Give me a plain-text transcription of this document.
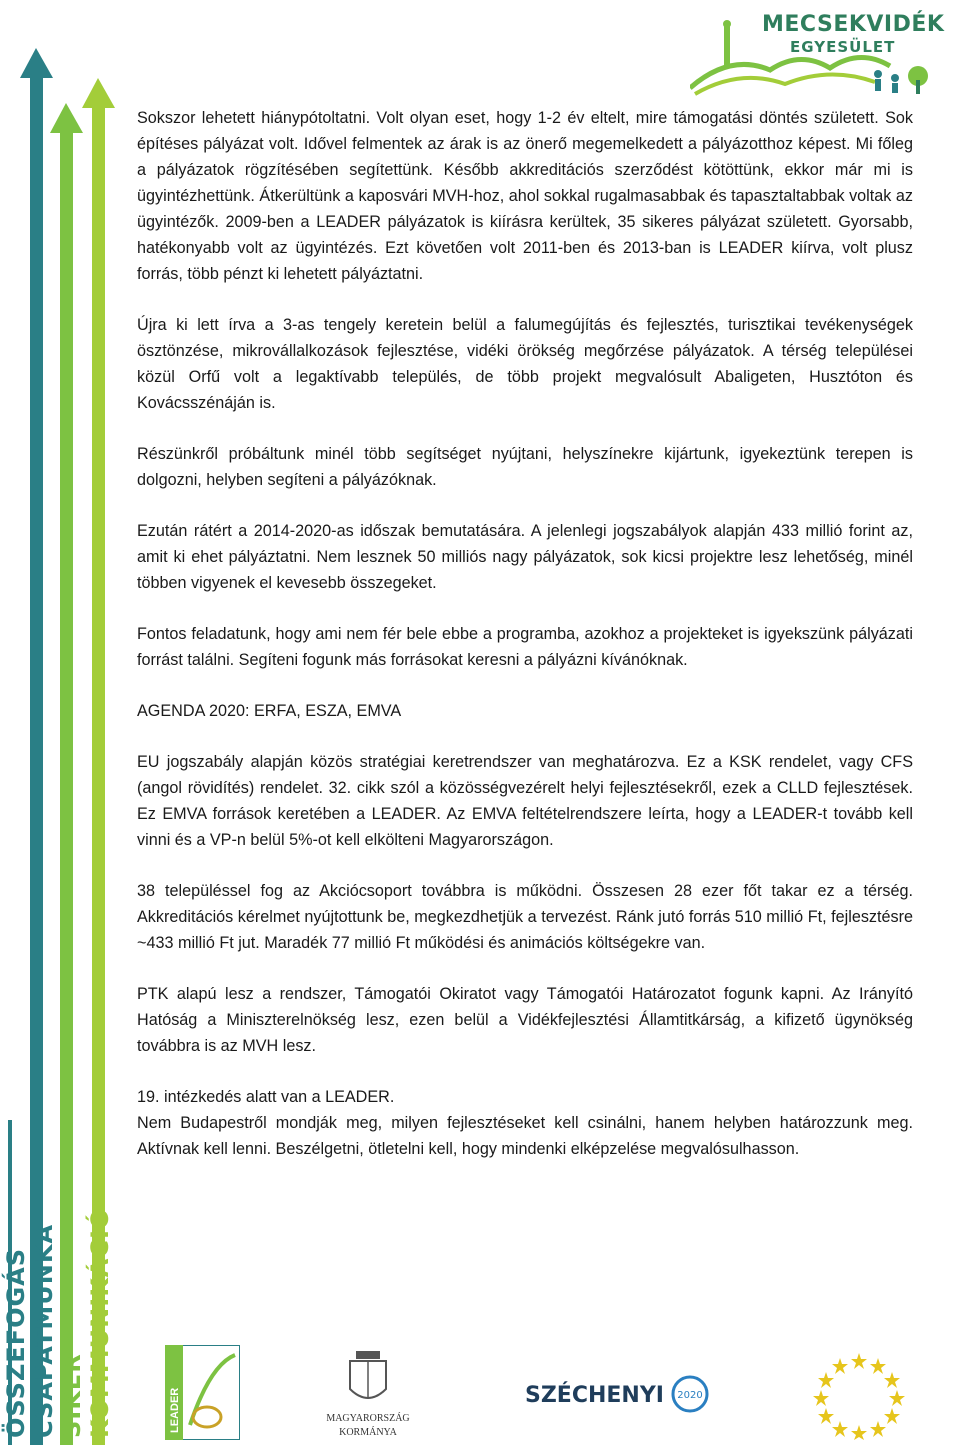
ÖSSZEFOGÁS CSAPATMUNKA SIKER KOMMUNIKÁCIÓ
MECSEKVIDÉK
EGYESÜLET

Sokszor lehetett hiánypótoltatni. Volt olyan eset, hogy 1-2 év eltelt, mire támogatási döntés született. Sok építéses pályázat volt. Idővel felmentek az árak is az önerő megemelkedett a pályázotthoz képest. Mi főleg a pályázatok rögzítésében segítettünk. Később akkreditációs szerződést kötöttünk, ekkor már mi is ügyintézhettünk. Átkerültünk a kaposvári MVH-hoz, ahol sokkal rugalmasabbak és tapasztaltabbak voltak az ügyintézők. 2009-ben a LEADER pályázatok is kiírásra kerültek, 35 sikeres pályázat született. Gyorsabb, hatékonyabb volt az ügyintézés. Ezt követően volt 2011-ben és 2013-ban is LEADER kiírva, volt plusz forrás, több pénzt ki lehetett pályáztatni.

Újra ki lett írva a 3-as tengely keretein belül a falumegújítás és fejlesztés, turisztikai tevékenységek ösztönzése, mikrovállalkozások fejlesztése, vidéki örökség megőrzése pályázatok. A térség települései közül Orfű volt a legaktívabb település, de több projekt megvalósult Abaligeten, Husztóton és Kovácsszénáján is.

Részünkről próbáltunk minél több segítséget nyújtani, helyszínekre kijártunk, igyekeztünk terepen is dolgozni, helyben segíteni a pályázóknak.

Ezután rátért a 2014-2020-as időszak bemutatására. A jelenlegi jogszabályok alapján 433 millió forint az, amit ki ehet pályáztatni. Nem lesznek 50 milliós nagy pályázatok, sok kicsi projektre lesz lehetőség, minél többen vigyenek el kevesebb összegeket.

Fontos feladatunk, hogy ami nem fér bele ebbe a programba, azokhoz a projekteket is igyekszünk pályázati forrást találni. Segíteni fogunk más forrásokat keresni a pályázni kívánóknak.

AGENDA 2020: ERFA, ESZA, EMVA

EU jogszabály alapján közös stratégiai keretrendszer van meghatározva. Ez a KSK rendelet, vagy CFS (angol rövidítés) rendelet. 32. cikk szól a közösségvezérelt helyi fejlesztésekről, ezek a CLLD fejlesztések. Ez EMVA források keretében a LEADER. Az EMVA feltételrendszere leírta, hogy a LEADER-t tovább kell vinni és a VP-n belül 5%-ot kell elkölteni Magyarországon.

38 településsel fog az Akciócsoport továbbra is működni. Összesen 28 ezer főt takar ez a térség. Akkreditációs kérelmet nyújtottunk be, megkezdhetjük a tervezést. Ránk jutó forrás 510 millió Ft, fejlesztésre ~433 millió Ft jut. Maradék 77 millió Ft működési és animációs költségekre van.

PTK alapú lesz a rendszer, Támogatói Okiratot vagy Támogatói Határozatot fogunk kapni. Az Irányító Hatóság a Miniszterelnökség lesz, ezen belül a Vidékfejlesztési Államtitkárság, a kifizető ügynökség továbbra is az MVH lesz.

19. intézkedés alatt van a LEADER.

Nem Budapestről mondják meg, milyen fejlesztéseket kell csinálni, hanem helyben határozzunk meg. Aktívnak kell lenni. Beszélgetni, ötletelni kell, hogy mindenki elképzelése megvalósulhasson.

LEADER	MAGYARORSZÁG
KORMÁNYA
SZÉCHENYI 2020
